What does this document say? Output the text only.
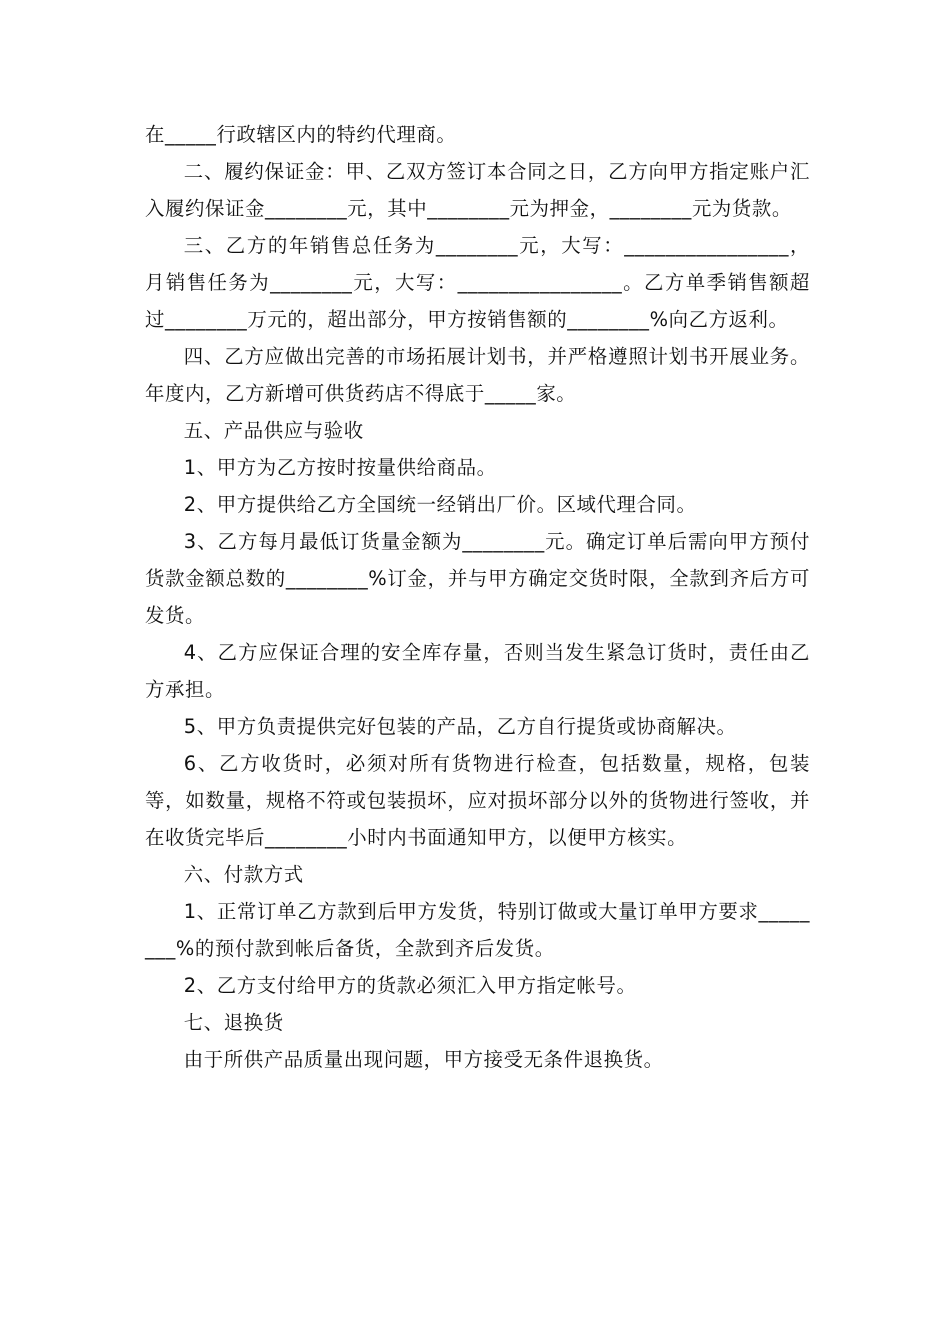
在_____行政辖区内的特约代理商。

二、履约保证金：甲、乙双方签订本合同之日，乙方向甲方指定账户汇入履约保证金________元，其中________元为押金，________元为货款。

三、乙方的年销售总任务为________元，大写：________________，月销售任务为________元，大写：________________。乙方单季销售额超过________万元的，超出部分，甲方按销售额的________%向乙方返利。

四、乙方应做出完善的市场拓展计划书，并严格遵照计划书开展业务。年度内，乙方新增可供货药店不得底于_____家。

五、产品供应与验收

1、甲方为乙方按时按量供给商品。

2、甲方提供给乙方全国统一经销出厂价。区域代理合同。

3、乙方每月最低订货量金额为________元。确定订单后需向甲方预付货款金额总数的________%订金，并与甲方确定交货时限，全款到齐后方可发货。

4、乙方应保证合理的安全库存量，否则当发生紧急订货时，责任由乙方承担。

5、甲方负责提供完好包装的产品，乙方自行提货或协商解决。

6、乙方收货时，必须对所有货物进行检查，包括数量，规格，包装等，如数量，规格不符或包装损坏，应对损坏部分以外的货物进行签收，并在收货完毕后________小时内书面通知甲方，以便甲方核实。

六、付款方式

1、正常订单乙方款到后甲方发货，特别订做或大量订单甲方要求________%的预付款到帐后备货，全款到齐后发货。

2、乙方支付给甲方的货款必须汇入甲方指定帐号。

七、退换货

由于所供产品质量出现问题，甲方接受无条件退换货。
